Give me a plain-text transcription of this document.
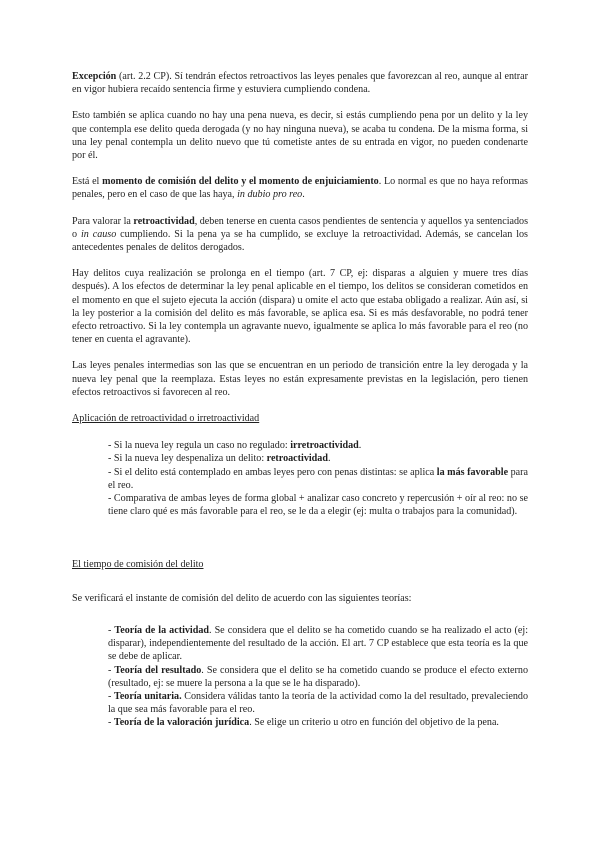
Excepción (art. 2.2 CP). Sí tendrán efectos retroactivos las leyes penales que favorezcan al reo, aunque al entrar en vigor hubiera recaído sentencia firme y estuviera cumpliendo condena.

Esto también se aplica cuando no hay una pena nueva, es decir, si estás cumpliendo pena por un delito y la ley que contempla ese delito queda derogada (y no hay ninguna nueva), se acaba tu condena. De la misma forma, si una ley penal contempla un delito nuevo que tú cometiste antes de su entrada en vigor, no pueden condenarte por él.

Está el momento de comisión del delito y el momento de enjuiciamiento. Lo normal es que no haya reformas penales, pero en el caso de que las haya, in dubio pro reo.

Para valorar la retroactividad, deben tenerse en cuenta casos pendientes de sentencia y aquellos ya sentenciados o in causo cumpliendo. Si la pena ya se ha cumplido, se excluye la retroactividad. Además, se cancelan los antecedentes penales de delitos derogados.

Hay delitos cuya realización se prolonga en el tiempo (art. 7 CP, ej: disparas a alguien y muere tres días después). A los efectos de determinar la ley penal aplicable en el tiempo, los delitos se consideran cometidos en el momento en que el sujeto ejecuta la acción (dispara) u omite el acto que estaba obligado a realizar. Aún así, si la ley posterior a la comisión del delito es más favorable, se aplica esa. Si es más desfavorable, no podrá tener efecto retroactivo. Si la ley contempla un agravante nuevo, igualmente se aplica lo más favorable para el reo (no tener en cuenta el agravante).

Las leyes penales intermedias son las que se encuentran en un periodo de transición entre la ley derogada y la nueva ley penal que la reemplaza. Estas leyes no están expresamente previstas en la legislación, pero tienen efectos retroactivos si favorecen al reo.

Aplicación de retroactividad o irretroactividad

- Si la nueva ley regula un caso no regulado: irretroactividad.

- Si la nueva ley despenaliza un delito: retroactividad.

- Si el delito está contemplado en ambas leyes pero con penas distintas: se aplica la más favorable para el reo.

- Comparativa de ambas leyes de forma global + analizar caso concreto y repercusión + oír al reo: no se tiene claro qué es más favorable para el reo, se le da a elegir (ej: multa o trabajos para la comunidad).

El tiempo de comisión del delito

Se verificará el instante de comisión del delito de acuerdo con las siguientes teorías:

- Teoría de la actividad. Se considera que el delito se ha cometido cuando se ha realizado el acto (ej: disparar), independientemente del resultado de la acción. El art. 7 CP establece que esta teoría es la que se debe de aplicar.

- Teoría del resultado. Se considera que el delito se ha cometido cuando se produce el efecto externo (resultado, ej: se muere la persona a la que se le ha disparado).

- Teoría unitaria. Considera válidas tanto la teoría de la actividad como la del resultado, prevaleciendo la que sea más favorable para el reo.

- Teoría de la valoración jurídica. Se elige un criterio u otro en función del objetivo de la pena.
